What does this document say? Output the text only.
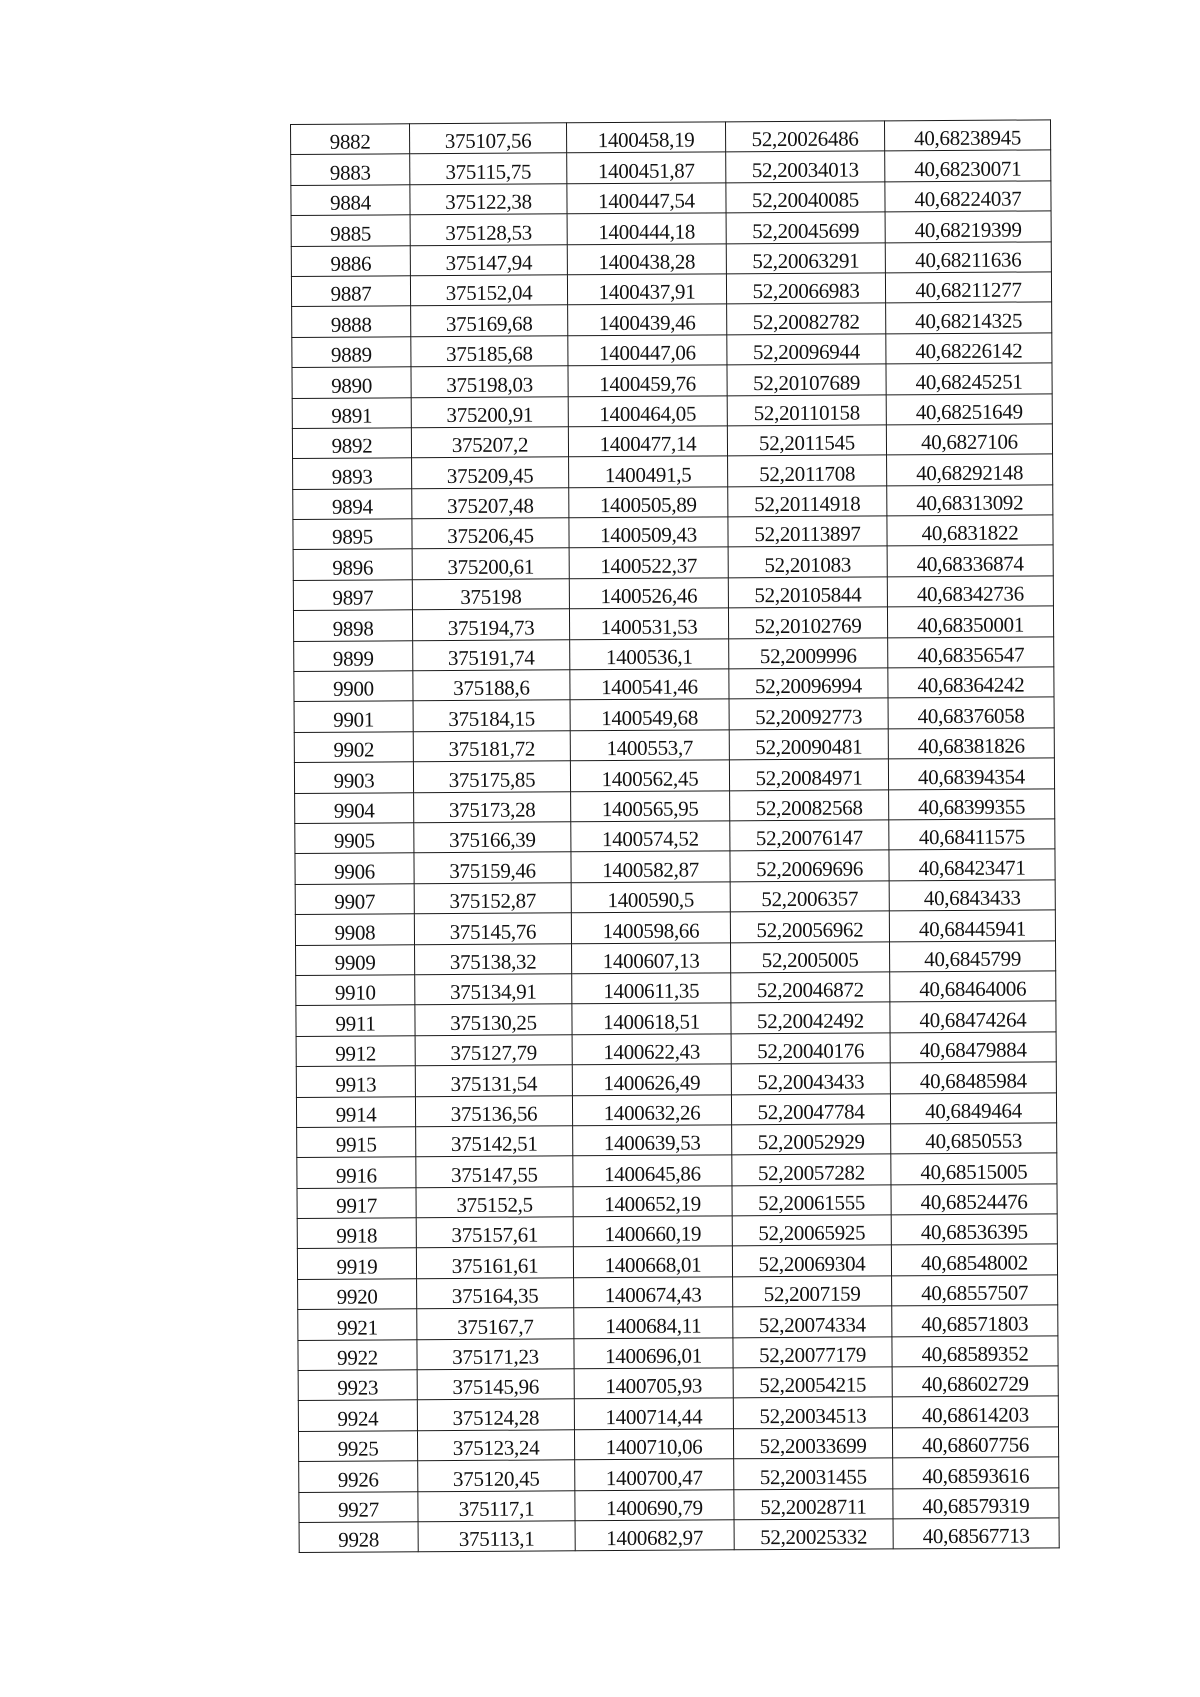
9882	375107,56	1400458,19	52,20026486	40,68238945
9883	375115,75	1400451,87	52,20034013	40,68230071
9884	375122,38	1400447,54	52,20040085	40,68224037
9885	375128,53	1400444,18	52,20045699	40,68219399
9886	375147,94	1400438,28	52,20063291	40,68211636
9887	375152,04	1400437,91	52,20066983	40,68211277
9888	375169,68	1400439,46	52,20082782	40,68214325
9889	375185,68	1400447,06	52,20096944	40,68226142
9890	375198,03	1400459,76	52,20107689	40,68245251
9891	375200,91	1400464,05	52,20110158	40,68251649
9892	375207,2	1400477,14	52,2011545	40,6827106
9893	375209,45	1400491,5	52,2011708	40,68292148
9894	375207,48	1400505,89	52,20114918	40,68313092
9895	375206,45	1400509,43	52,20113897	40,6831822
9896	375200,61	1400522,37	52,201083	40,68336874
9897	375198	1400526,46	52,20105844	40,68342736
9898	375194,73	1400531,53	52,20102769	40,68350001
9899	375191,74	1400536,1	52,2009996	40,68356547
9900	375188,6	1400541,46	52,20096994	40,68364242
9901	375184,15	1400549,68	52,20092773	40,68376058
9902	375181,72	1400553,7	52,20090481	40,68381826
9903	375175,85	1400562,45	52,20084971	40,68394354
9904	375173,28	1400565,95	52,20082568	40,68399355
9905	375166,39	1400574,52	52,20076147	40,68411575
9906	375159,46	1400582,87	52,20069696	40,68423471
9907	375152,87	1400590,5	52,2006357	40,6843433
9908	375145,76	1400598,66	52,20056962	40,68445941
9909	375138,32	1400607,13	52,2005005	40,6845799
9910	375134,91	1400611,35	52,20046872	40,68464006
9911	375130,25	1400618,51	52,20042492	40,68474264
9912	375127,79	1400622,43	52,20040176	40,68479884
9913	375131,54	1400626,49	52,20043433	40,68485984
9914	375136,56	1400632,26	52,20047784	40,6849464
9915	375142,51	1400639,53	52,20052929	40,6850553
9916	375147,55	1400645,86	52,20057282	40,68515005
9917	375152,5	1400652,19	52,20061555	40,68524476
9918	375157,61	1400660,19	52,20065925	40,68536395
9919	375161,61	1400668,01	52,20069304	40,68548002
9920	375164,35	1400674,43	52,2007159	40,68557507
9921	375167,7	1400684,11	52,20074334	40,68571803
9922	375171,23	1400696,01	52,20077179	40,68589352
9923	375145,96	1400705,93	52,20054215	40,68602729
9924	375124,28	1400714,44	52,20034513	40,68614203
9925	375123,24	1400710,06	52,20033699	40,68607756
9926	375120,45	1400700,47	52,20031455	40,68593616
9927	375117,1	1400690,79	52,20028711	40,68579319
9928	375113,1	1400682,97	52,20025332	40,68567713
